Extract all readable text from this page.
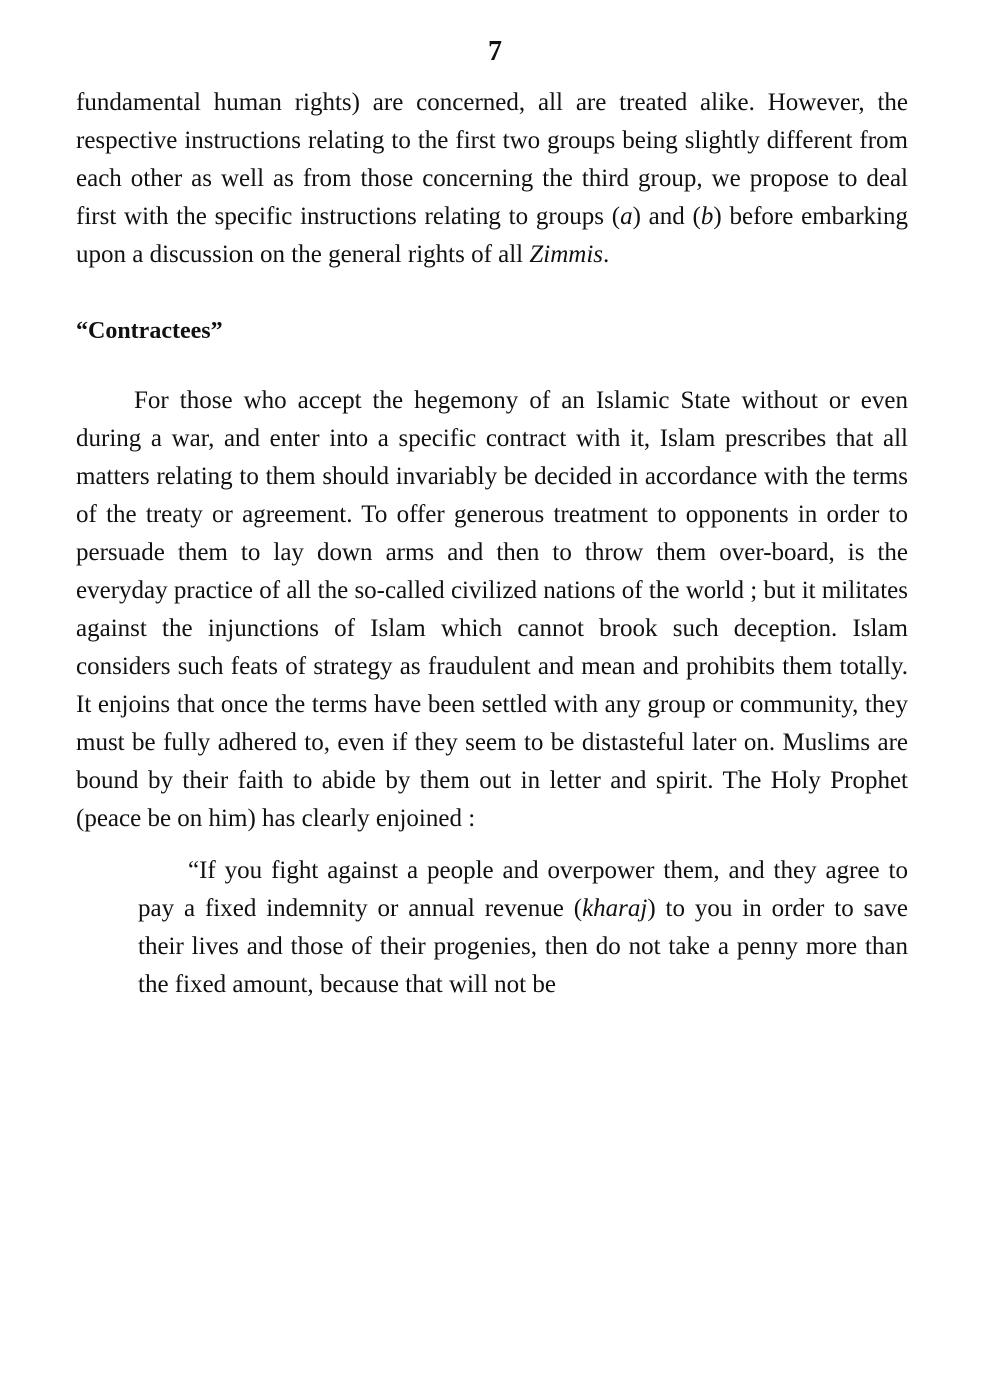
7

fundamental human rights) are concerned, all are treated alike. However, the respective instructions relating to the first two groups being slightly different from each other as well as from those concerning the third group, we propose to deal first with the specific instructions relating to groups (a) and (b) before embarking upon a discussion on the general rights of all Zimmis.

“Contractees”

For those who accept the hegemony of an Islamic State without or even during a war, and enter into a specific contract with it, Islam prescribes that all matters relating to them should invariably be decided in accordance with the terms of the treaty or agreement. To offer generous treatment to opponents in order to persuade them to lay down arms and then to throw them over-board, is the everyday practice of all the so-called civilized nations of the world ; but it militates against the injunctions of Islam which cannot brook such deception. Islam considers such feats of strategy as fraudulent and mean and prohibits them totally. It enjoins that once the terms have been settled with any group or community, they must be fully adhered to, even if they seem to be distasteful later on. Muslims are bound by their faith to abide by them out in letter and spirit. The Holy Prophet (peace be on him) has clearly enjoined :

“If you fight against a people and overpower them, and they agree to pay a fixed indemnity or annual revenue (kharaj) to you in order to save their lives and those of their progenies, then do not take a penny more than the fixed amount, because that will not be
